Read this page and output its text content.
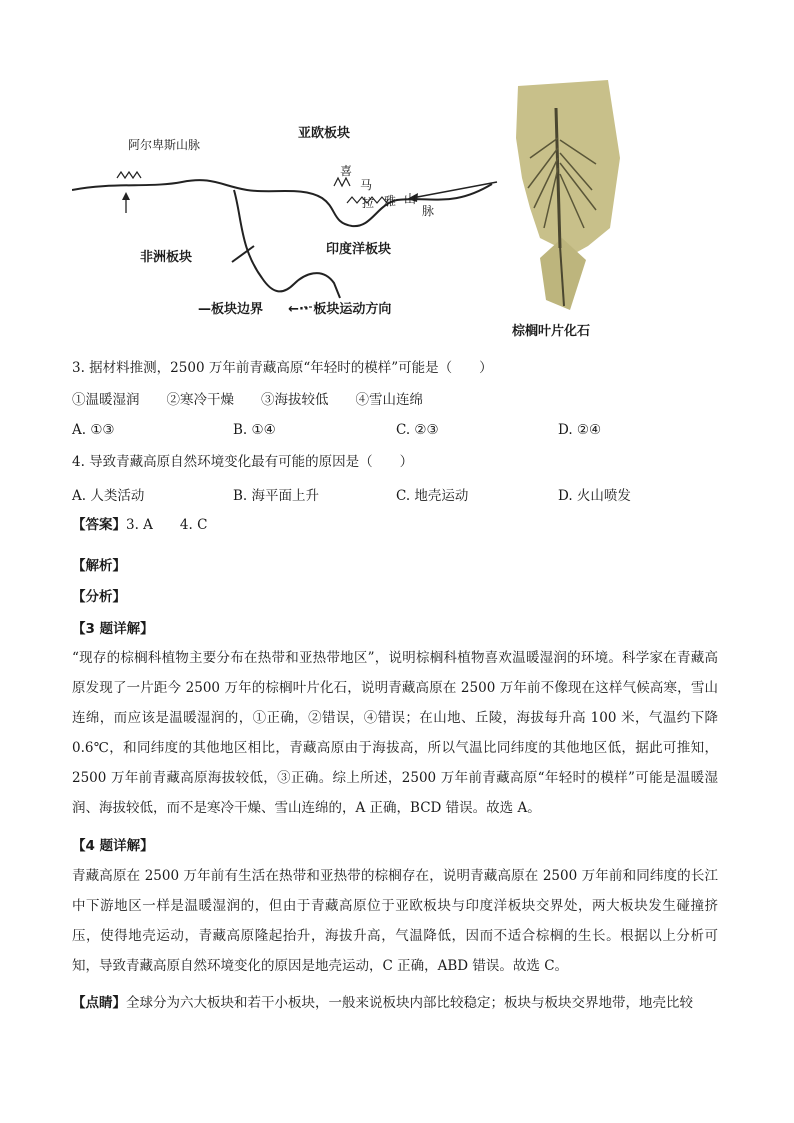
亚欧板块
阿尔卑斯山脉
非洲板块
印度洋板块
喜
马
拉 雅 山
脉
—板块边界 ←·· 板块运动方向
棕榈叶片化石
3. 据材料推测，2500 万年前青藏高原“年轻时的模样”可能是（　　）
①温暖湿润　　②寒冷干燥　　③海拔较低　　④雪山连绵
A. ①③	B. ①④	C. ②③	D. ②④
4. 导致青藏高原自然环境变化最有可能的原因是（　　）
A. 人类活动	B. 海平面上升	C. 地壳运动	D. 火山喷发
【答案】3. A　　4. C
【解析】
【分析】
【3 题详解】
“现存的棕榈科植物主要分布在热带和亚热带地区”，说明棕榈科植物喜欢温暖湿润的环境。科学家在青藏高原发现了一片距今 2500 万年的棕榈叶片化石，说明青藏高原在 2500 万年前不像现在这样气候高寒，雪山连绵，而应该是温暖湿润的，①正确，②错误，④错误；在山地、丘陵，海拔每升高 100 米，气温约下降 0.6℃，和同纬度的其他地区相比，青藏高原由于海拔高，所以气温比同纬度的其他地区低，据此可推知，2500 万年前青藏高原海拔较低，③正确。综上所述，2500 万年前青藏高原“年轻时的模样”可能是温暖湿润、海拔较低，而不是寒冷干燥、雪山连绵的，A 正确，BCD 错误。故选 A。
【4 题详解】
青藏高原在 2500 万年前有生活在热带和亚热带的棕榈存在，说明青藏高原在 2500 万年前和同纬度的长江中下游地区一样是温暖湿润的，但由于青藏高原位于亚欧板块与印度洋板块交界处，两大板块发生碰撞挤压，使得地壳运动，青藏高原隆起抬升，海拔升高，气温降低，因而不适合棕榈的生长。根据以上分析可知，导致青藏高原自然环境变化的原因是地壳运动，C 正确，ABD 错误。故选 C。
【点睛】全球分为六大板块和若干小板块，一般来说板块内部比较稳定；板块与板块交界地带，地壳比较
